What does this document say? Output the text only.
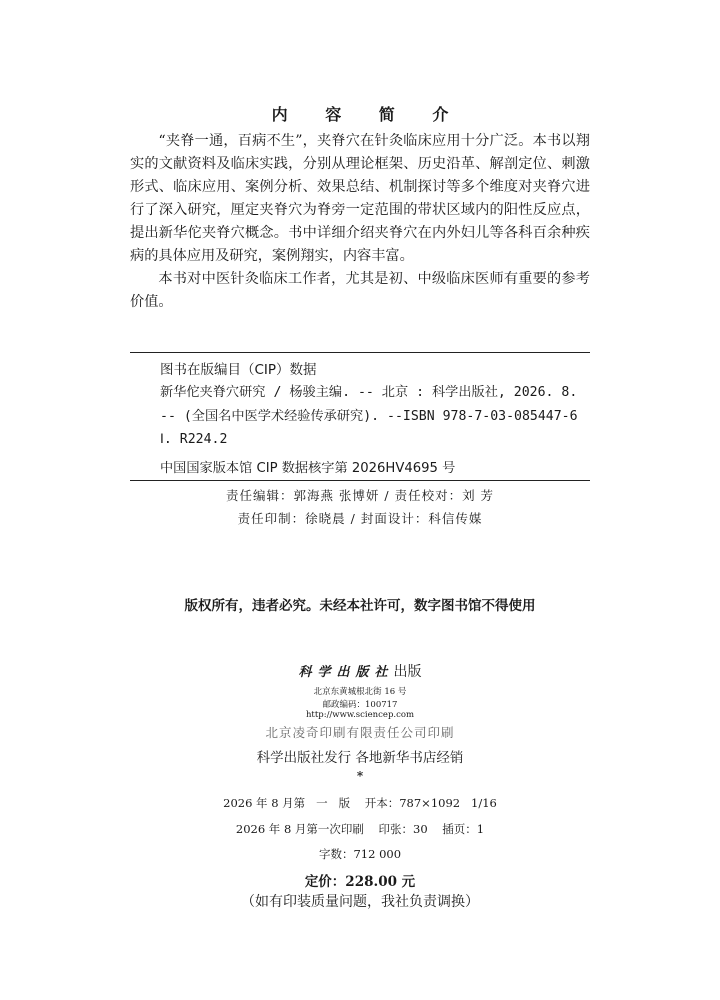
内 容 简 介

“夹脊一通，百病不生”，夹脊穴在针灸临床应用十分广泛。本书以翔实的文献资料及临床实践，分别从理论框架、历史沿革、解剖定位、刺激形式、临床应用、案例分析、效果总结、机制探讨等多个维度对夹脊穴进行了深入研究，厘定夹脊穴为脊旁一定范围的带状区域内的阳性反应点，提出新华佗夹脊穴概念。书中详细介绍夹脊穴在内外妇儿等各科百余种疾病的具体应用及研究，案例翔实，内容丰富。

本书对中医针灸临床工作者，尤其是初、中级临床医师有重要的参考价值。

图书在版编目（CIP）数据
新华佗夹脊穴研究 / 杨骏主编. -- 北京 : 科学出版社, 2026. 8.
-- (全国名中医学术经验传承研究). --ISBN 978-7-03-085447-6
Ⅰ. R224.2
中国国家版本馆 CIP 数据核字第 2026HV4695 号
责任编辑：郭海燕 张博妍 / 责任校对：刘 芳
责任印制：徐晓晨 / 封面设计：科信传媒
版权所有，违者必究。未经本社许可，数字图书馆不得使用
科学出版社出版
北京东黄城根北街 16 号
邮政编码：100717
http://www.sciencep.com
北京凌奇印刷有限责任公司印刷
科学出版社发行 各地新华书店经销
*
2026 年 8 月第   一   版    开本：787×1092   1/16
2026 年 8 月第一次印刷    印张：30    插页：1
字数：712 000
定价：228.00 元
（如有印装质量问题，我社负责调换）
